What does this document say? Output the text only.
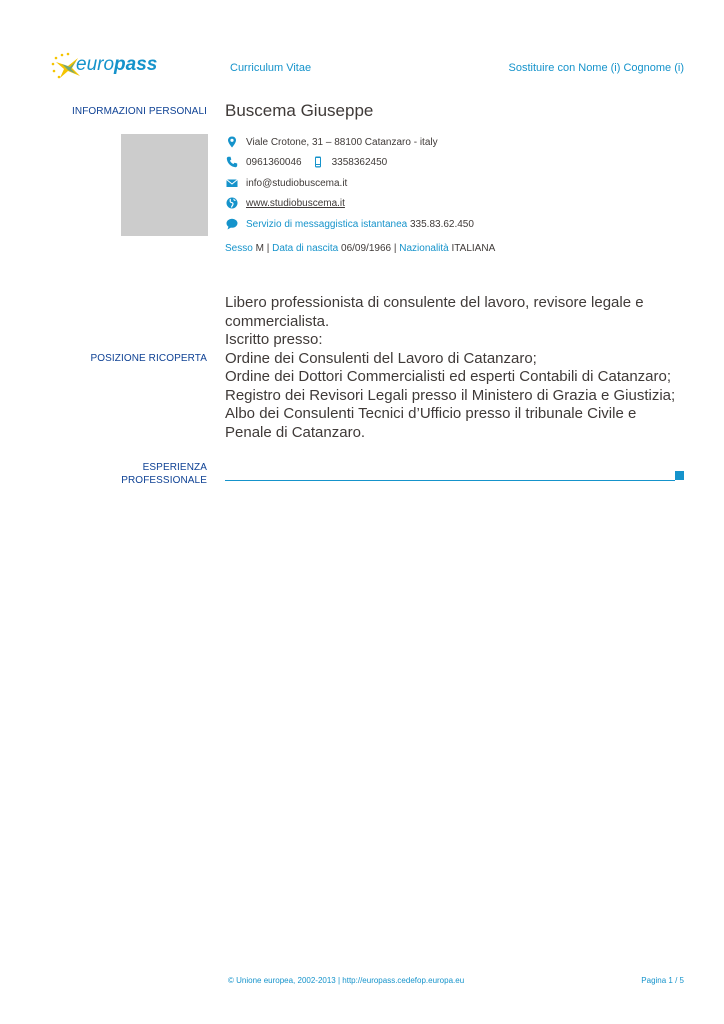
europass	Curriculum Vitae	Sostituire con Nome (i) Cognome (i)
INFORMAZIONI PERSONALI Buscema Giuseppe
Viale Crotone, 31 – 88100 Catanzaro - italy
0961360046	3358362450
info@studiobuscema.it
www.studiobuscema.it
Servizio di messaggistica istantanea 335.83.62.450
Sesso M | Data di nascita 06/09/1966 | Nazionalità ITALIANA
POSIZIONE RICOPERTA
Libero professionista di consulente del lavoro, revisore legale e
commercialista.
Iscritto presso:
Ordine dei Consulenti del Lavoro di Catanzaro;
Ordine dei Dottori Commercialisti ed esperti Contabili di Catanzaro;
Registro dei Revisori Legali presso il Ministero di Grazia e Giustizia;
Albo dei Consulenti Tecnici d’Ufficio presso il tribunale Civile e
Penale di Catanzaro.
ESPERIENZA
PROFESSIONALE
© Unione europea, 2002-2013 | http://europass.cedefop.europa.eu	Pagina 1 / 5
